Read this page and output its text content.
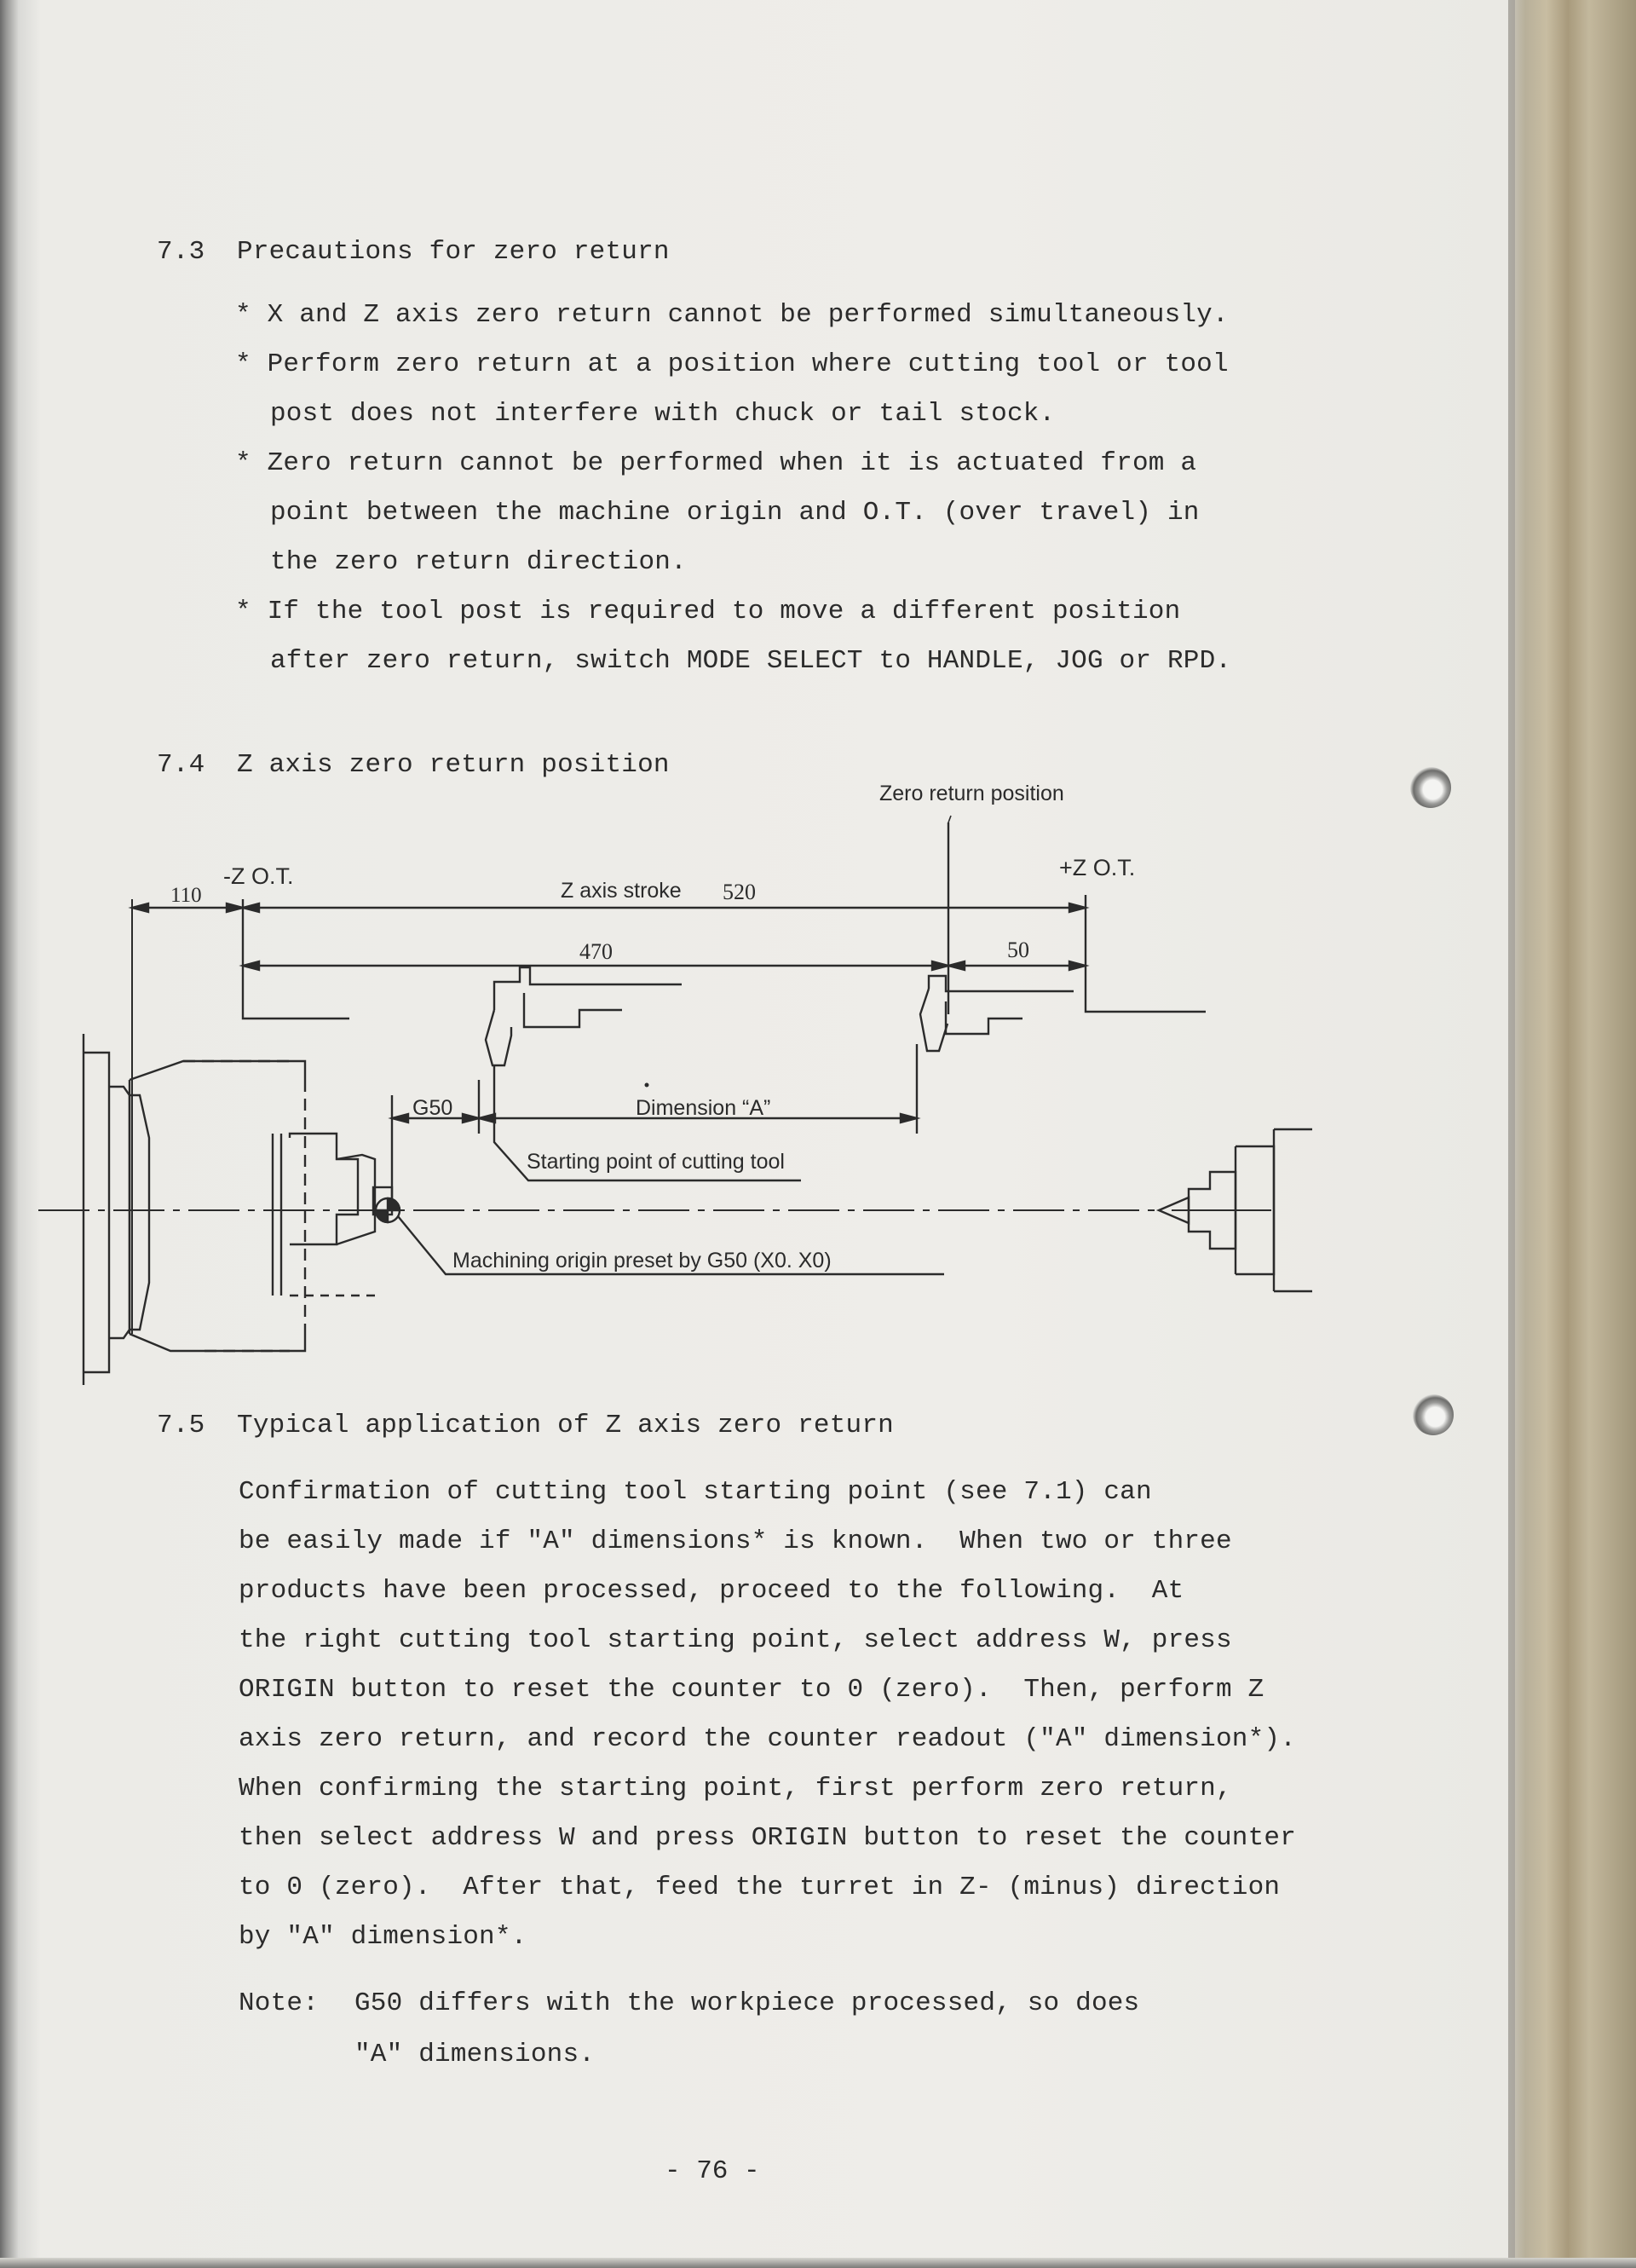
7.3  Precautions for zero return
* X and Z axis zero return cannot be performed simultaneously.
* Perform zero return at a position where cutting tool or tool
post does not interfere with chuck or tail stock.
* Zero return cannot be performed when it is actuated from a
point between the machine origin and O.T. (over travel) in
the zero return direction.
* If the tool post is required to move a different position
after zero return, switch MODE SELECT to HANDLE, JOG or RPD.
7.4  Z axis zero return position
Zero return position
-Z O.T.	+Z O.T.
110	Z axis stroke 520
470	50
G50	Dimension “A”
Starting point of cutting tool
Machining origin preset by G50 (X0. X0)
7.5  Typical application of Z axis zero return
Confirmation of cutting tool starting point (see 7.1) can
be easily made if "A" dimensions* is known.  When two or three
products have been processed, proceed to the following.  At
the right cutting tool starting point, select address W, press
ORIGIN button to reset the counter to 0 (zero).  Then, perform Z
axis zero return, and record the counter readout ("A" dimension*).
When confirming the starting point, first perform zero return,
then select address W and press ORIGIN button to reset the counter
to 0 (zero).  After that, feed the turret in Z- (minus) direction
by "A" dimension*.
Note: G50 differs with the workpiece processed, so does
"A" dimensions.
- 76 -
